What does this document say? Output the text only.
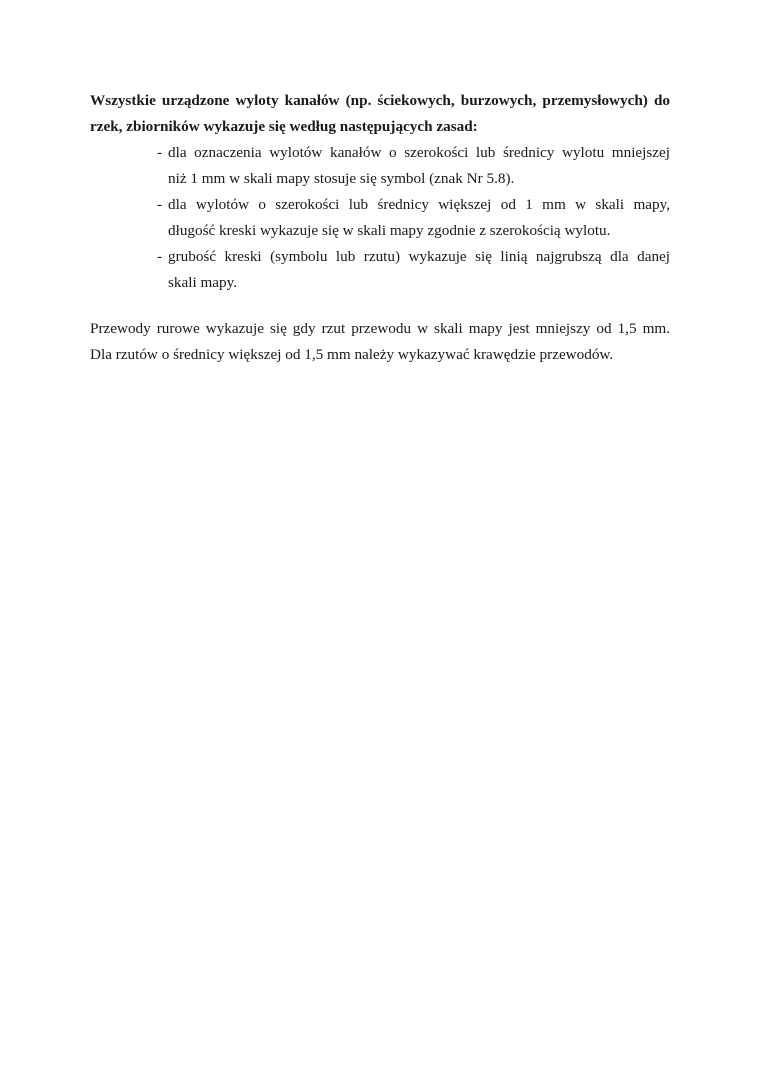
Wszystkie urządzone wyloty kanałów (np. ściekowych, burzowych, przemysłowych) do
rzek, zbiorników wykazuje się według następujących zasad:

- dla oznaczenia wylotów kanałów o szerokości lub średnicy wylotu mniejszej
niż 1 mm w skali mapy stosuje się symbol (znak Nr 5.8).
- dla wylotów o szerokości lub średnicy większej od 1 mm w skali mapy,
długość kreski wykazuje się w skali mapy zgodnie z szerokością wylotu.
- grubość kreski (symbolu lub rzutu) wykazuje się linią najgrubszą dla danej
skali mapy.

Przewody rurowe wykazuje się gdy rzut przewodu w skali mapy jest mniejszy od 1,5 mm.
Dla rzutów o średnicy większej od 1,5 mm należy wykazywać krawędzie przewodów.
